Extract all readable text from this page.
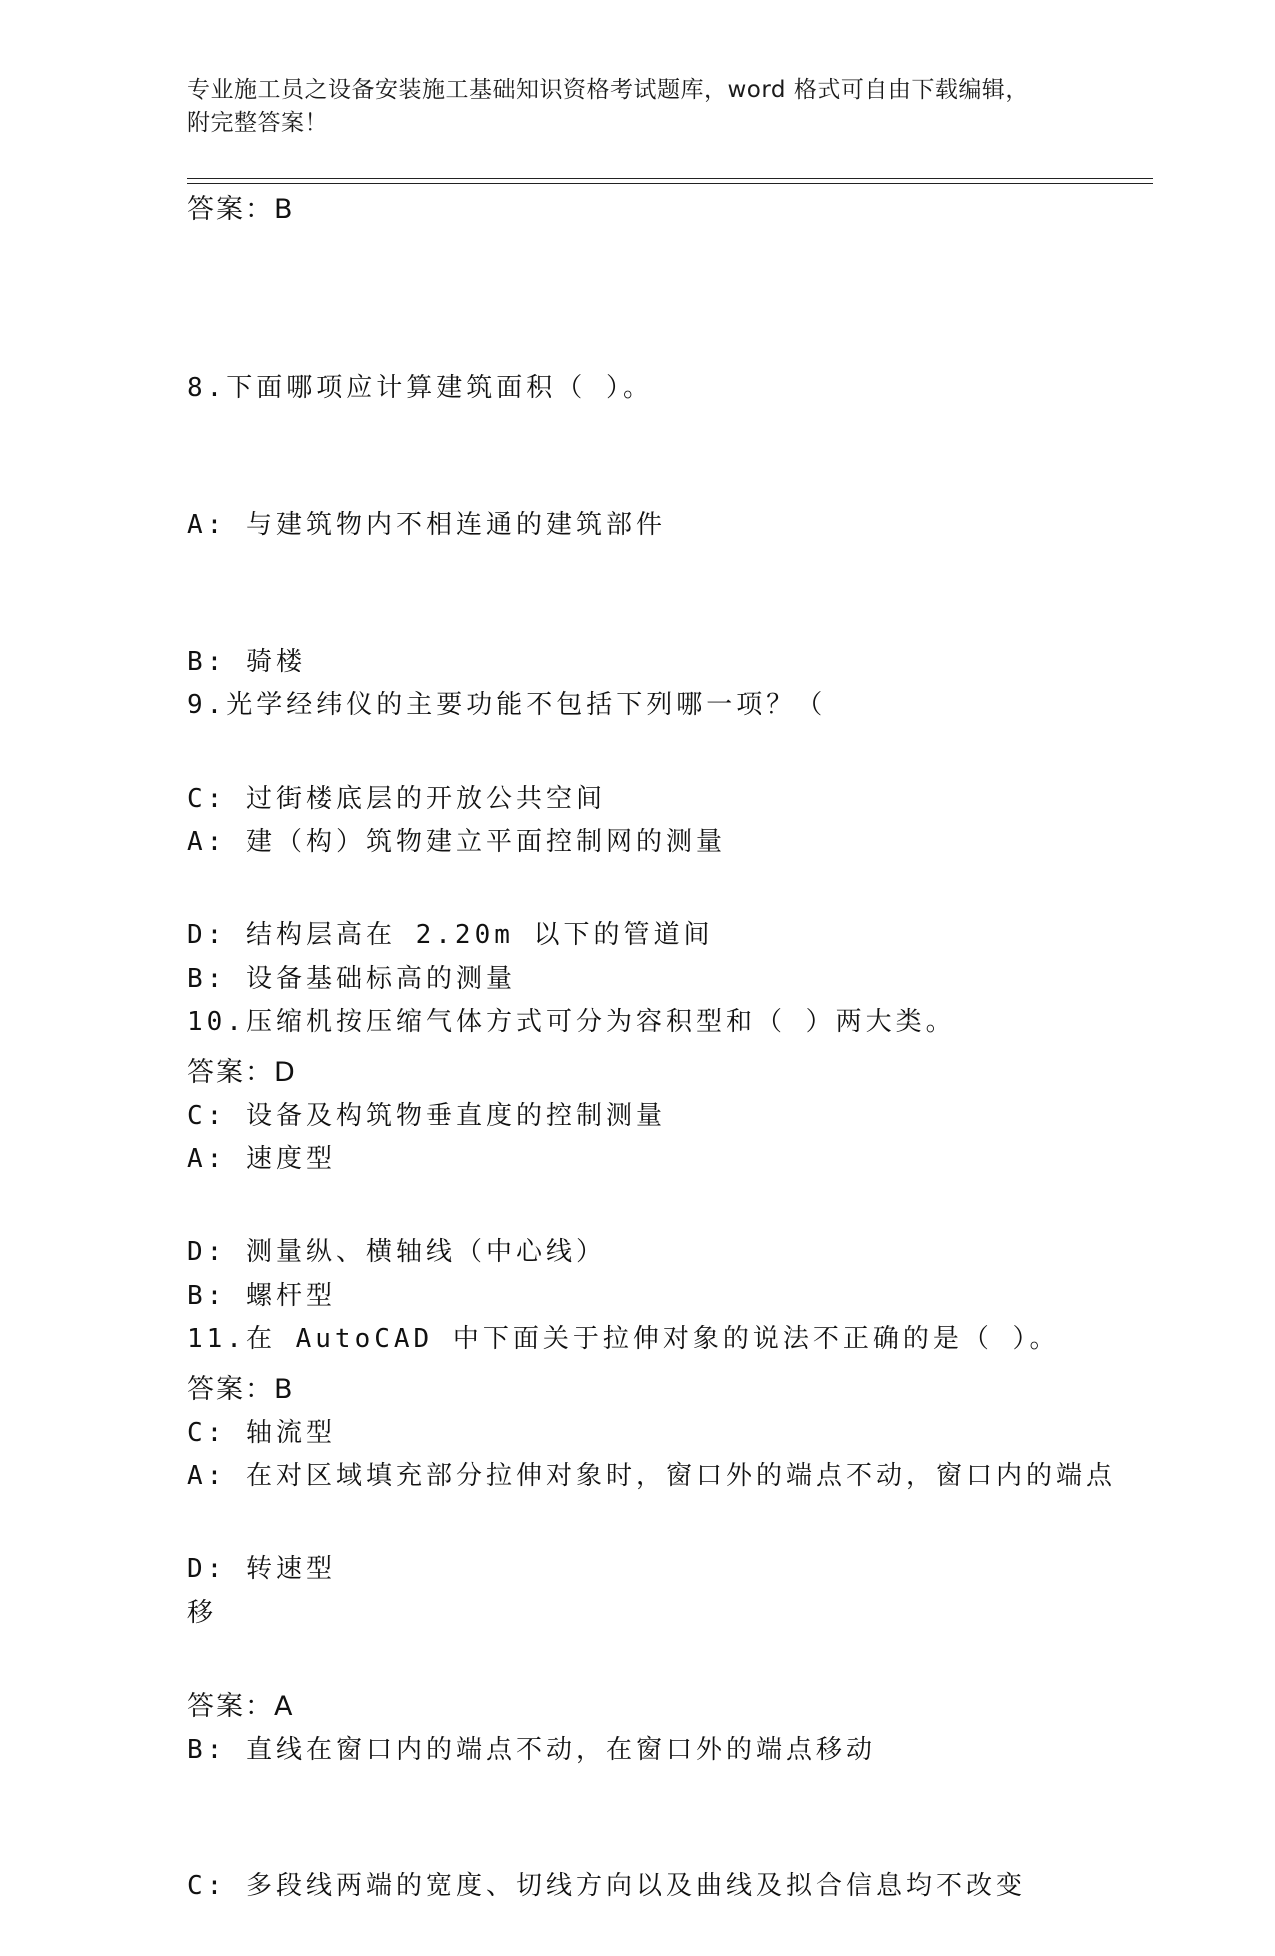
专业施工员之设备安装施工基础知识资格考试题库，word 格式可自由下载编辑，
附完整答案！
答案：B

8.下面哪项应计算建筑面积（ ）。

A: 与建筑物内不相连通的建筑部件

B: 骑楼

C: 过街楼底层的开放公共空间

D: 结构层高在 2.20m 以下的管道间

答案：D

9.光学经纬仪的主要功能不包括下列哪一项？（

A: 建（构）筑物建立平面控制网的测量

B: 设备基础标高的测量

C: 设备及构筑物垂直度的控制测量

D: 测量纵、横轴线（中心线）

答案：B

10.压缩机按压缩气体方式可分为容积型和（ ）两大类。

A: 速度型

B: 螺杆型

C: 轴流型

D: 转速型

答案：A

11.在 AutoCAD 中下面关于拉伸对象的说法不正确的是（ ）。

A: 在对区域填充部分拉伸对象时，窗口外的端点不动，窗口内的端点

移

B: 直线在窗口内的端点不动，在窗口外的端点移动

C: 多段线两端的宽度、切线方向以及曲线及拟合信息均不改变
